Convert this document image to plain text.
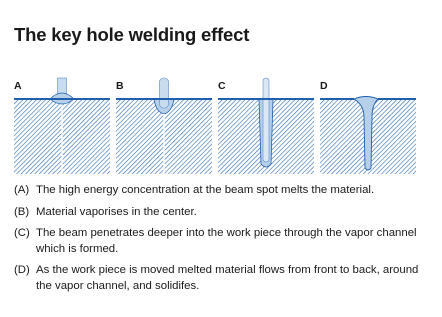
The key hole welding effect
A	B	C	D
(A) The high energy concentration at the beam spot melts the material.
(B) Material vaporises in the center.
(C) The beam penetrates deeper into the work piece through the vapor channel which is formed.
(D) As the work piece is moved melted material flows from front to back, around the vapor channel, and solidifes.
